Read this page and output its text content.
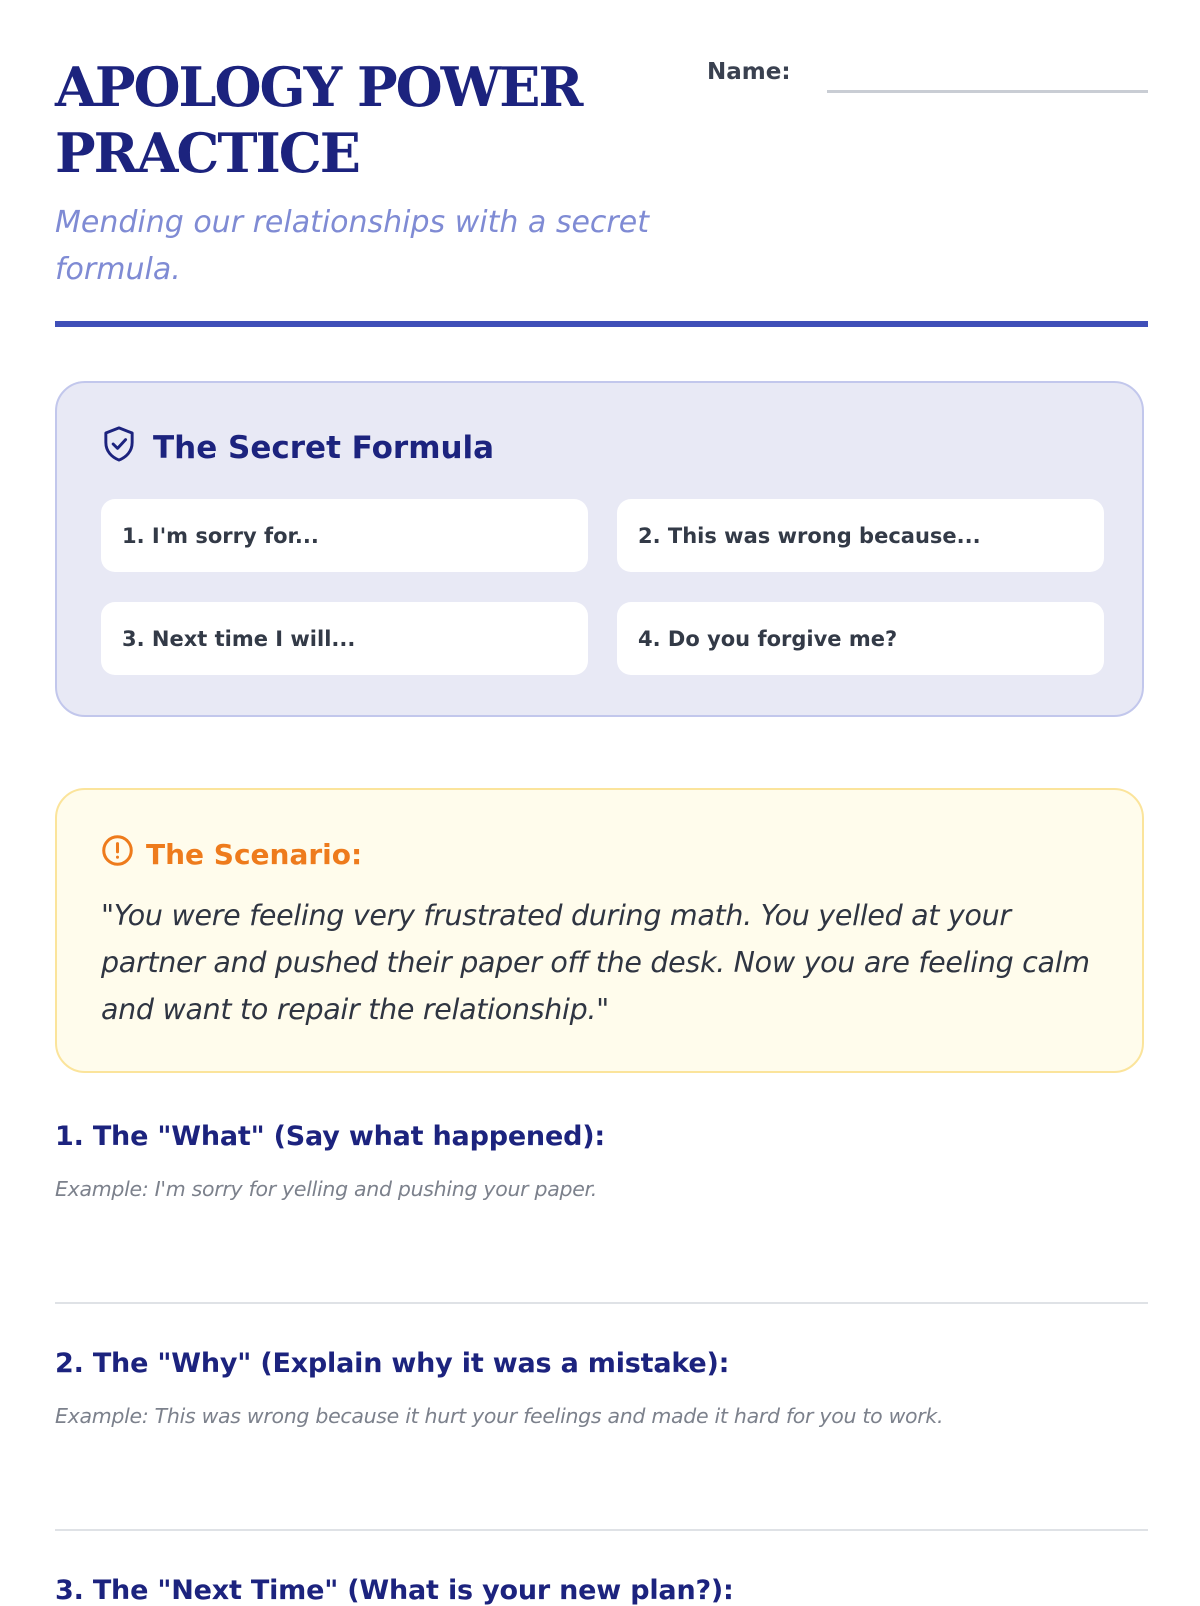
APOLOGY POWER
PRACTICE

Mending our relationships with a secret formula.

Name:
The Secret Formula
1. I'm sorry for...	2. This was wrong because...
3. Next time I will...	4. Do you forgive me?
The Scenario:

"You were feeling very frustrated during math. You yelled at your partner and pushed their paper off the desk. Now you are feeling calm and want to repair the relationship."

1. The "What" (Say what happened):
Example: I'm sorry for yelling and pushing your paper.
2. The "Why" (Explain why it was a mistake):
Example: This was wrong because it hurt your feelings and made it hard for you to work.
3. The "Next Time" (What is your new plan?):
